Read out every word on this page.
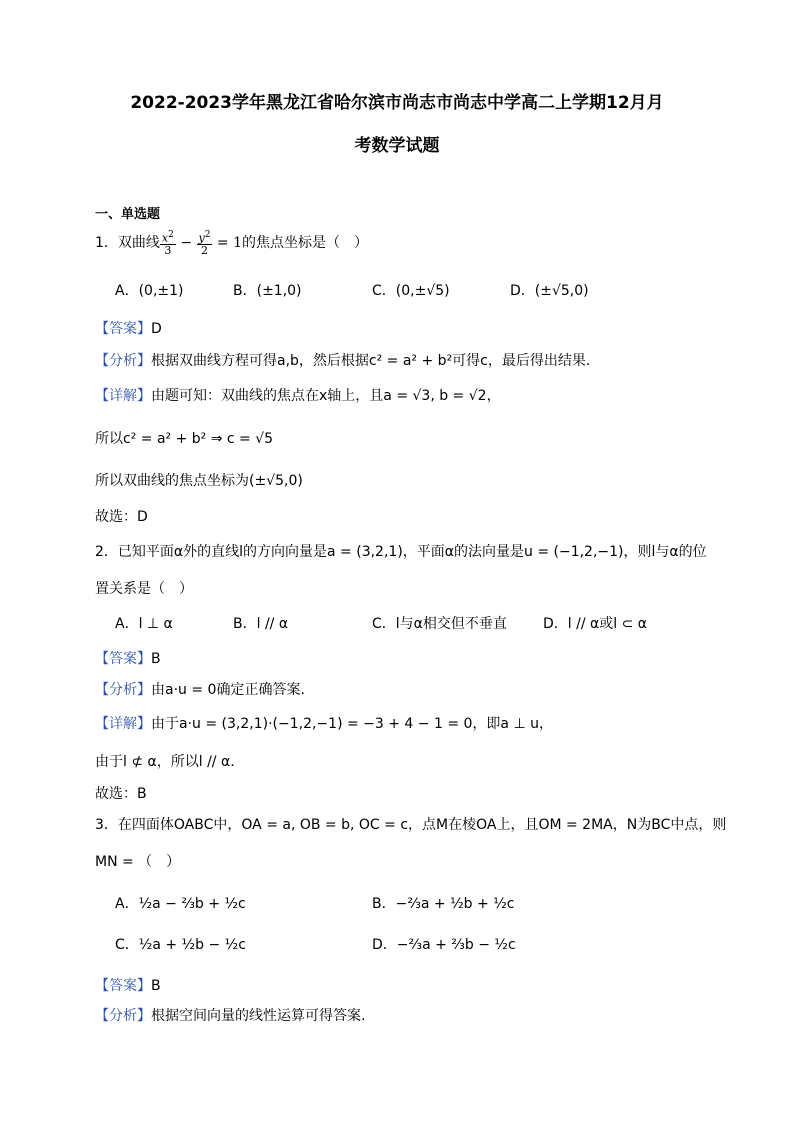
2022-2023学年黑龙江省哈尔滨市尚志市尚志中学高二上学期12月月
考数学试题
一、单选题
1．双曲线 $\frac{x^2}{3} - \frac{y^2}{2} = 1$的焦点坐标是（　）
A．(0,±1)	B．(±1,0)	C．(0,±√5)	D．(±√5,0)
【答案】D
【分析】根据双曲线方程可得a,b，然后根据c² = a² + b²可得c，最后得出结果.
【详解】由题可知：双曲线的焦点在x轴上，且a = √3, b = √2，
所以c² = a² + b² ⇒ c = √5
所以双曲线的焦点坐标为(±√5,0)
故选：D
2．已知平面α外的直线l的方向向量是a = (3,2,1)，平面α的法向量是u = (−1,2,−1)，则l与α的位
置关系是（　）
A．l ⊥ α	B．l // α	C．l与α相交但不垂直	D．l // α或l ⊂ α
【答案】B
【分析】由a·u = 0确定正确答案.
【详解】由于a·u = (3,2,1)·(−1,2,−1) = −3 + 4 − 1 = 0，即a ⊥ u，
由于l ⊄ α，所以l // α.
故选：B
3．在四面体OABC中，OA = a, OB = b, OC = c，点M在棱OA上，且OM = 2MA，N为BC中点，则
MN = （　）
A．½a − ⅔b + ½c	B．−⅔a + ½b + ½c
C．½a + ½b − ½c	D．−⅔a + ⅔b − ½c
【答案】B
【分析】根据空间向量的线性运算可得答案.
